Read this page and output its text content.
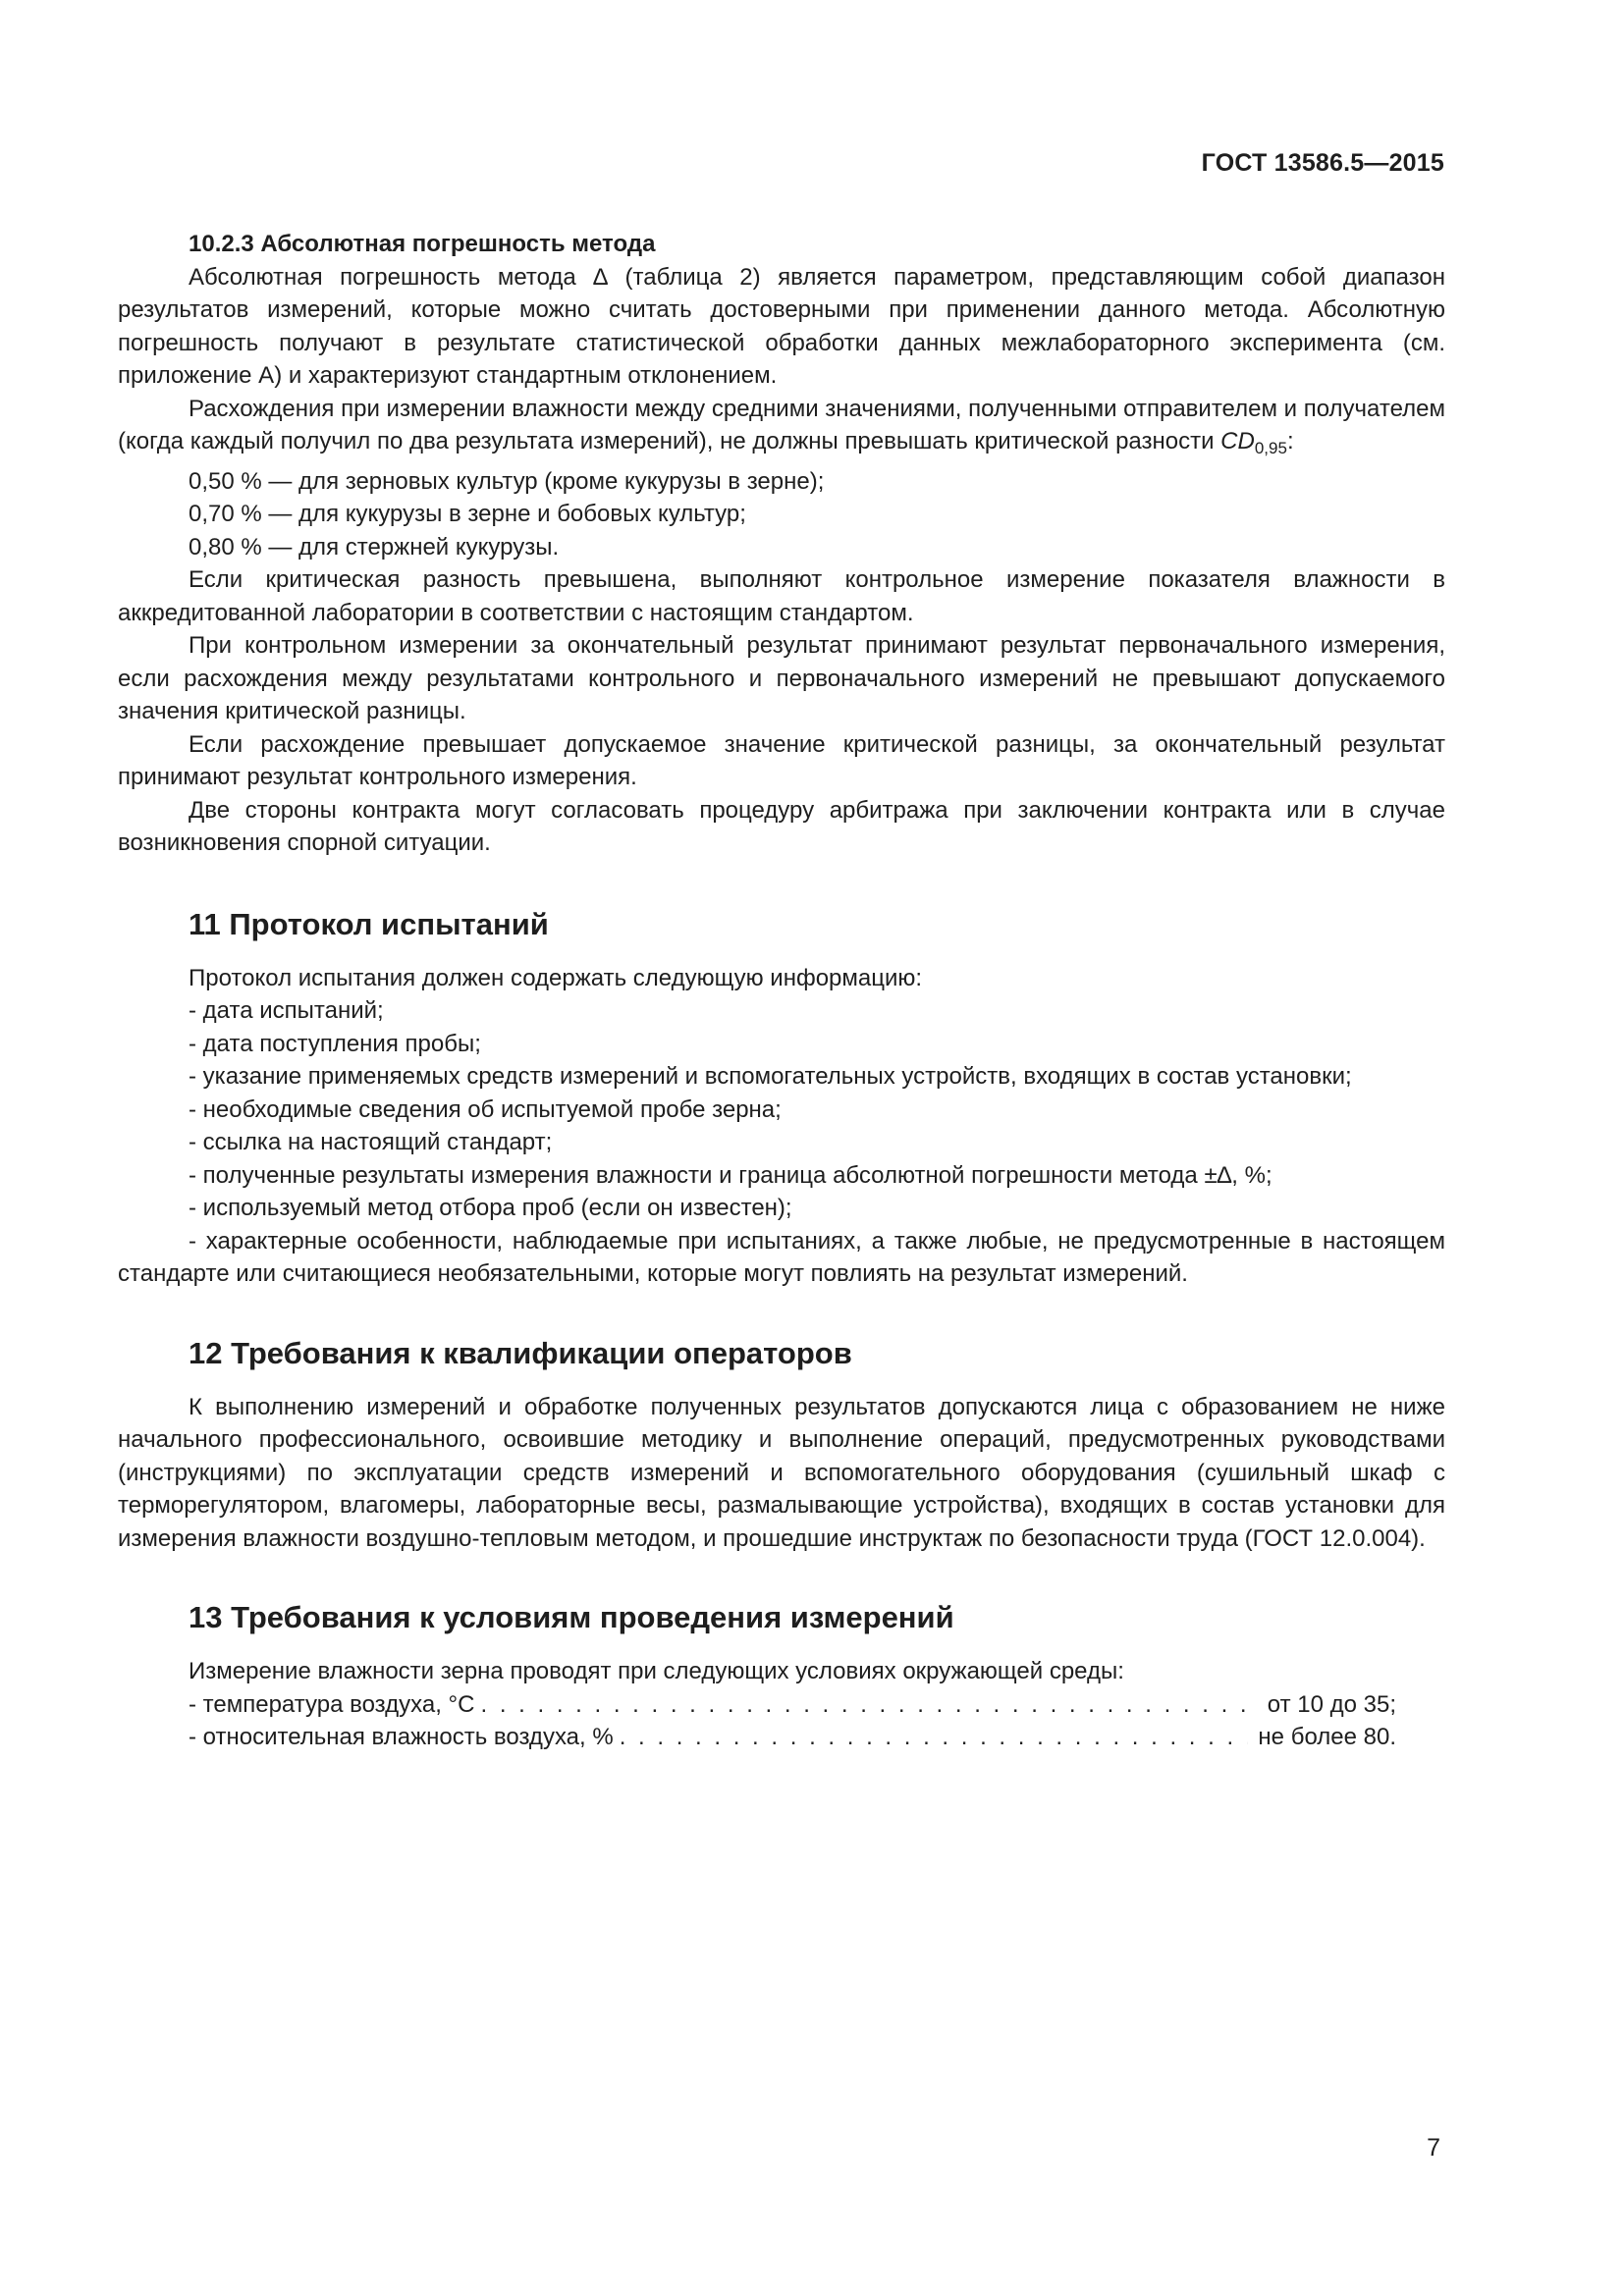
ГОСТ 13586.5—2015

10.2.3 Абсолютная погрешность метода

Абсолютная погрешность метода ∆ (таблица 2) является параметром, представляющим собой диапазон результатов измерений, которые можно считать достоверными при применении данного метода. Абсолютную погрешность получают в результате статистической обработки данных межлабораторного эксперимента (см. приложение А) и характеризуют стандартным отклонением.

Расхождения при измерении влажности между средними значениями, полученными отправителем и получателем (когда каждый получил по два результата измерений), не должны превышать критической разности $CD_{0,95}$:

0,50 % — для зерновых культур (кроме кукурузы в зерне);

0,70 % — для кукурузы в зерне и бобовых культур;

0,80 % — для стержней кукурузы.

Если критическая разность превышена, выполняют контрольное измерение показателя влажности в аккредитованной лаборатории в соответствии с настоящим стандартом.

При контрольном измерении за окончательный результат принимают результат первоначального измерения, если расхождения между результатами контрольного и первоначального измерений не превышают допускаемого значения критической разницы.

Если расхождение превышает допускаемое значение критической разницы, за окончательный результат принимают результат контрольного измерения.

Две стороны контракта могут согласовать процедуру арбитража при заключении контракта или в случае возникновения спорной ситуации.

11 Протокол испытаний

Протокол испытания должен содержать следующую информацию:

- дата испытаний;

- дата поступления пробы;

- указание применяемых средств измерений и вспомогательных устройств, входящих в состав установки;

- необходимые сведения об испытуемой пробе зерна;

- ссылка на настоящий стандарт;

- полученные результаты измерения влажности и граница абсолютной погрешности метода ±∆, %;

- используемый метод отбора проб (если он известен);

- характерные особенности, наблюдаемые при испытаниях, а также любые, не предусмотренные в настоящем стандарте или считающиеся необязательными, которые могут повлиять на результат измерений.

12 Требования к квалификации операторов

К выполнению измерений и обработке полученных результатов допускаются лица с образованием не ниже начального профессионального, освоившие методику и выполнение операций, предусмотренных руководствами (инструкциями) по эксплуатации средств измерений и вспомогательного оборудования (сушильный шкаф с терморегулятором, влагомеры, лабораторные весы, размалывающие устройства), входящих в состав установки для измерения влажности воздушно-тепловым методом, и прошедшие инструктаж по безопасности труда (ГОСТ 12.0.004).

13 Требования к условиям проведения измерений

Измерение влажности зерна проводят при следующих условиях окружающей среды:

- температура воздуха, °С . . .	от 10 до 35;
- относительная влажность воздуха, % . . .	не более 80.
7
